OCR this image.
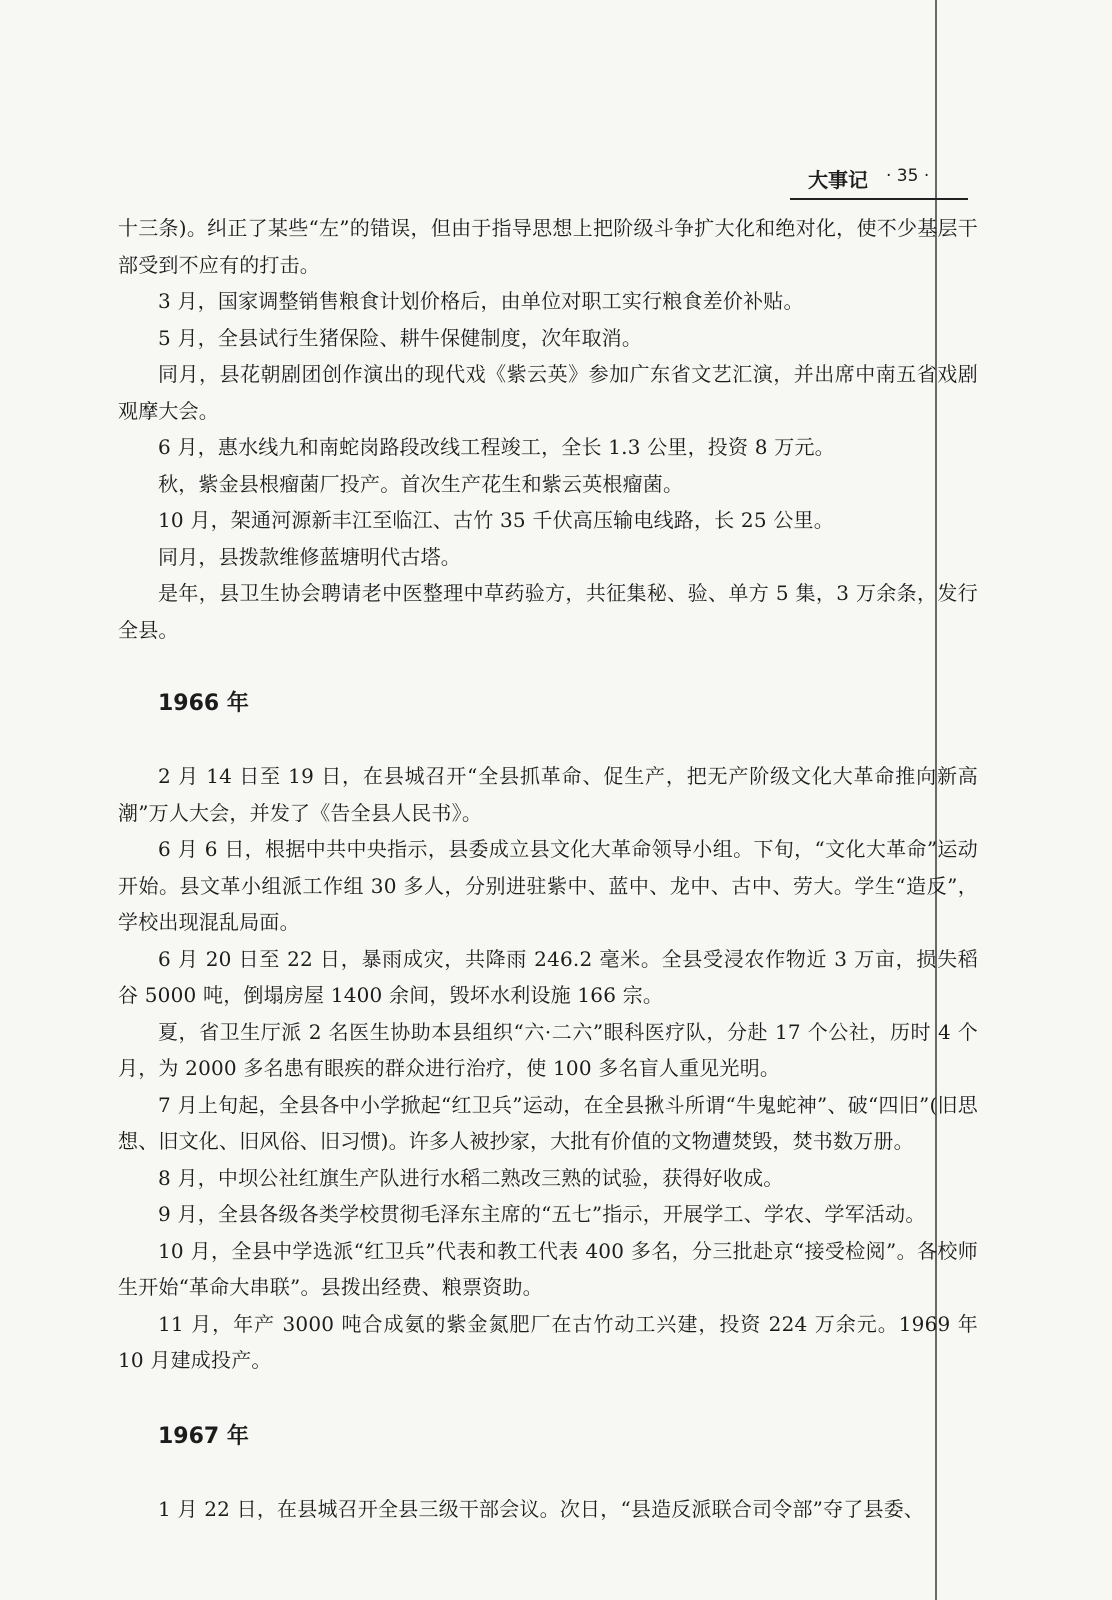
大事记 · 35 ·

十三条)。纠正了某些“左”的错误，但由于指导思想上把阶级斗争扩大化和绝对化，使不少基层干部受到不应有的打击。

3 月，国家调整销售粮食计划价格后，由单位对职工实行粮食差价补贴。

5 月，全县试行生猪保险、耕牛保健制度，次年取消。

同月，县花朝剧团创作演出的现代戏《紫云英》参加广东省文艺汇演，并出席中南五省戏剧观摩大会。

6 月，惠水线九和南蛇岗路段改线工程竣工，全长 1.3 公里，投资 8 万元。

秋，紫金县根瘤菌厂投产。首次生产花生和紫云英根瘤菌。

10 月，架通河源新丰江至临江、古竹 35 千伏高压输电线路，长 25 公里。

同月，县拨款维修蓝塘明代古塔。

是年，县卫生协会聘请老中医整理中草药验方，共征集秘、验、单方 5 集，3 万余条，发行全县。

1966 年

2 月 14 日至 19 日，在县城召开“全县抓革命、促生产，把无产阶级文化大革命推向新高潮”万人大会，并发了《告全县人民书》。

6 月 6 日，根据中共中央指示，县委成立县文化大革命领导小组。下旬，“文化大革命”运动开始。县文革小组派工作组 30 多人，分别进驻紫中、蓝中、龙中、古中、劳大。学生“造反”，学校出现混乱局面。

6 月 20 日至 22 日，暴雨成灾，共降雨 246.2 毫米。全县受浸农作物近 3 万亩，损失稻谷 5000 吨，倒塌房屋 1400 余间，毁坏水利设施 166 宗。

夏，省卫生厅派 2 名医生协助本县组织“六·二六”眼科医疗队，分赴 17 个公社，历时 4 个月，为 2000 多名患有眼疾的群众进行治疗，使 100 多名盲人重见光明。

7 月上旬起，全县各中小学掀起“红卫兵”运动，在全县揪斗所谓“牛鬼蛇神”、破“四旧”(旧思想、旧文化、旧风俗、旧习惯)。许多人被抄家，大批有价值的文物遭焚毁，焚书数万册。

8 月，中坝公社红旗生产队进行水稻二熟改三熟的试验，获得好收成。

9 月，全县各级各类学校贯彻毛泽东主席的“五七”指示，开展学工、学农、学军活动。

10 月，全县中学选派“红卫兵”代表和教工代表 400 多名，分三批赴京“接受检阅”。各校师生开始“革命大串联”。县拨出经费、粮票资助。

11 月，年产 3000 吨合成氨的紫金氮肥厂在古竹动工兴建，投资 224 万余元。1969 年 10 月建成投产。

1967 年

1 月 22 日，在县城召开全县三级干部会议。次日，“县造反派联合司令部”夺了县委、
